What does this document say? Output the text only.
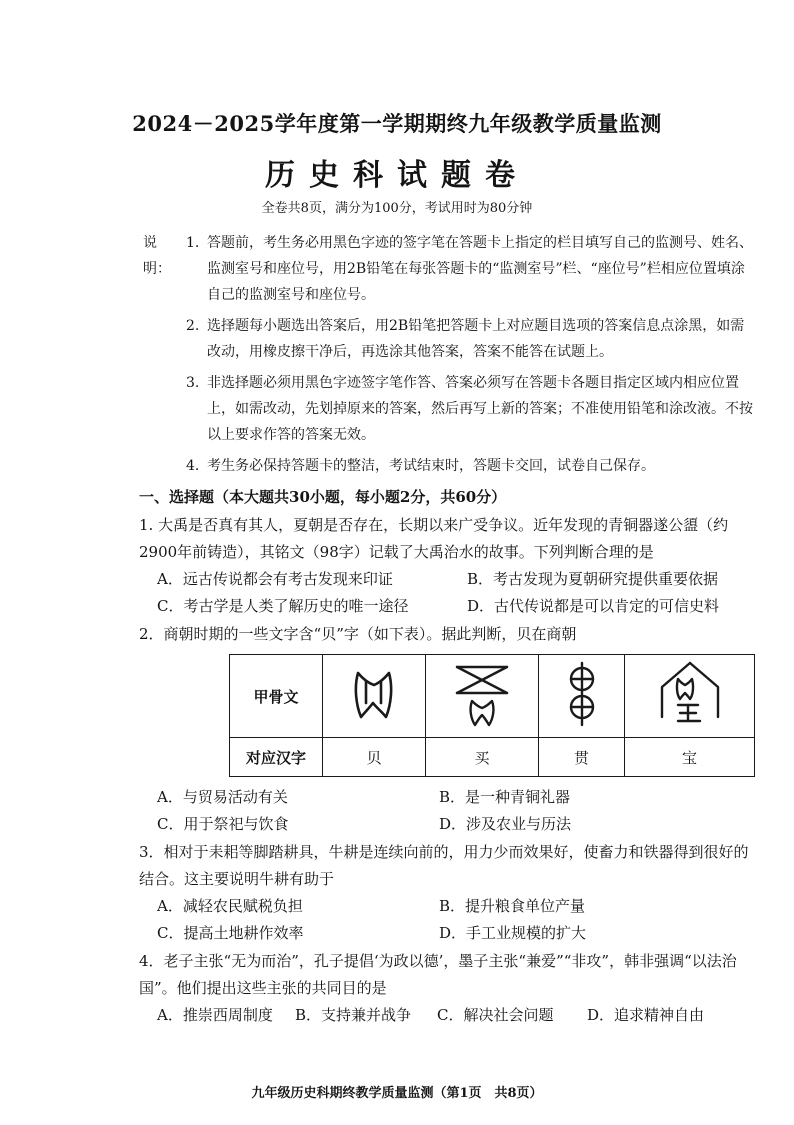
2024－2025学年度第一学期期终九年级教学质量监测
历史科试题卷

全卷共8页，满分为100分，考试用时为80分钟

说明：

1. 答题前，考生务必用黑色字迹的签字笔在答题卡上指定的栏目填写自己的监测号、姓名、监测室号和座位号，用2B铅笔在每张答题卡的“监测室号”栏、“座位号”栏相应位置填涂自己的监测室号和座位号。

2. 选择题每小题选出答案后，用2B铅笔把答题卡上对应题目选项的答案信息点涂黑，如需改动，用橡皮擦干净后，再选涂其他答案，答案不能答在试题上。

3. 非选择题必须用黑色字迹签字笔作答、答案必须写在答题卡各题目指定区域内相应位置上，如需改动，先划掉原来的答案，然后再写上新的答案；不准使用铅笔和涂改液。不按以上要求作答的答案无效。

4. 考生务必保持答题卡的整洁，考试结束时，答题卡交回，试卷自己保存。

一、选择题（本大题共30小题，每小题2分，共60分）

1. 大禹是否真有其人，夏朝是否存在，长期以来广受争议。近年发现的青铜器遂公盨（约2900年前铸造），其铭文（98字）记载了大禹治水的故事。下列判断合理的是
A．远古传说都会有考古发现来印证	B．考古发现为夏朝研究提供重要依据
C．考古学是人类了解历史的唯一途径	D．古代传说都是可以肯定的可信史料
2．商朝时期的一些文字含“贝”字（如下表）。据此判断，贝在商朝
甲骨文				
对应汉字	贝	买	贯	宝
A．与贸易活动有关	B．是一种青铜礼器
C．用于祭祀与饮食	D．涉及农业与历法
3．相对于耒耜等脚踏耕具，牛耕是连续向前的，用力少而效果好，使畜力和铁器得到很好的结合。这主要说明牛耕有助于
A．减轻农民赋税负担	B．提升粮食单位产量
C．提高土地耕作效率	D．手工业规模的扩大
4．老子主张“无为而治”，孔子提倡‘为政以德’，墨子主张“兼爱”“非攻”，韩非强调“以法治国”。他们提出这些主张的共同目的是
A．推崇西周制度 B．支持兼并战争 C．解决社会问题 D．追求精神自由

九年级历史科期终教学质量监测（第1页　共8页）
